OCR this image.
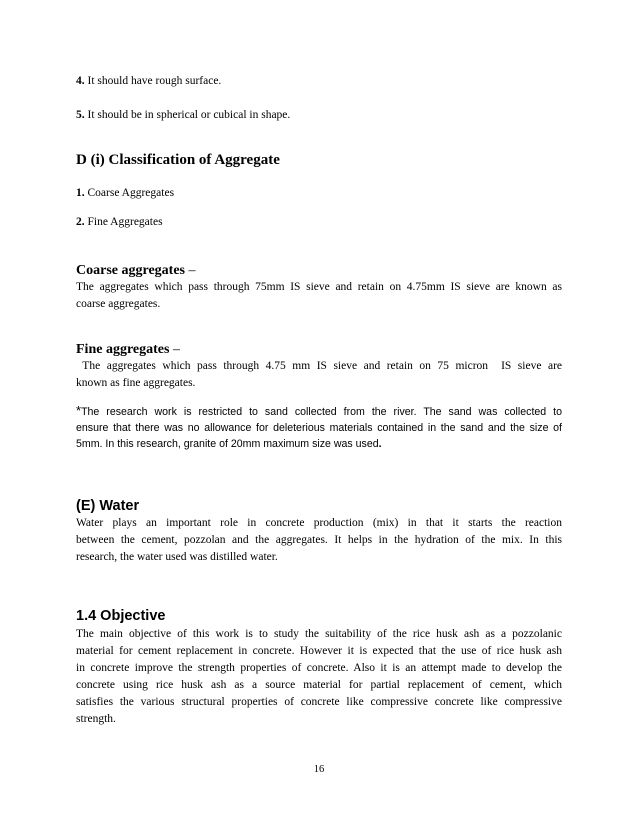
4. It should have rough surface.

5. It should be in spherical or cubical in shape.

D (i) Classification of Aggregate

1. Coarse Aggregates

2. Fine Aggregates

Coarse aggregates –

The aggregates which pass through 75mm IS sieve and retain on 4.75mm IS sieve are known as
coarse aggregates.

Fine aggregates –

The aggregates which pass through 4.75 mm IS sieve and retain on 75 micron  IS sieve are
known as fine aggregates.
*The research work is restricted to sand collected from the river. The sand was collected to
ensure that there was no allowance for deleterious materials contained in the sand and the size of
5mm. In this research, granite of 20mm maximum size was used.

(E) Water

Water plays an important role in concrete production (mix) in that it starts the reaction
between the cement, pozzolan and the aggregates. It helps in the hydration of the mix. In this
research, the water used was distilled water.

1.4 Objective

The main objective of this work is to study the suitability of the rice husk ash as a pozzolanic
material for cement replacement in concrete. However it is expected that the use of rice husk ash
in concrete improve the strength properties of concrete. Also it is an attempt made to develop the
concrete using rice husk ash as a source material for partial replacement of cement, which
satisfies the various structural properties of concrete like compressive concrete like compressive
strength.
16
